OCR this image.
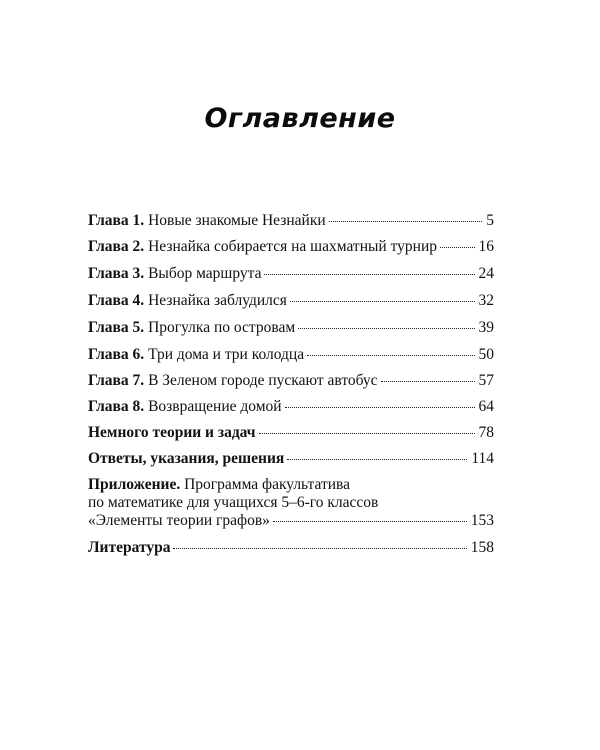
Оглавление
Глава 1. Новые знакомые Незнайки	5
Глава 2. Незнайка собирается на шахматный турнир	16
Глава 3. Выбор маршрута	24
Глава 4. Незнайка заблудился	32
Глава 5. Прогулка по островам	39
Глава 6. Три дома и три колодца	50
Глава 7. В Зеленом городе пускают автобус	57
Глава 8. Возвращение домой	64
Немного теории и задач	78
Ответы, указания, решения	114
Приложение. Программа факультатива
по математике для учащихся 5–6-го классов
«Элементы теории графов»	153
Литература	158
